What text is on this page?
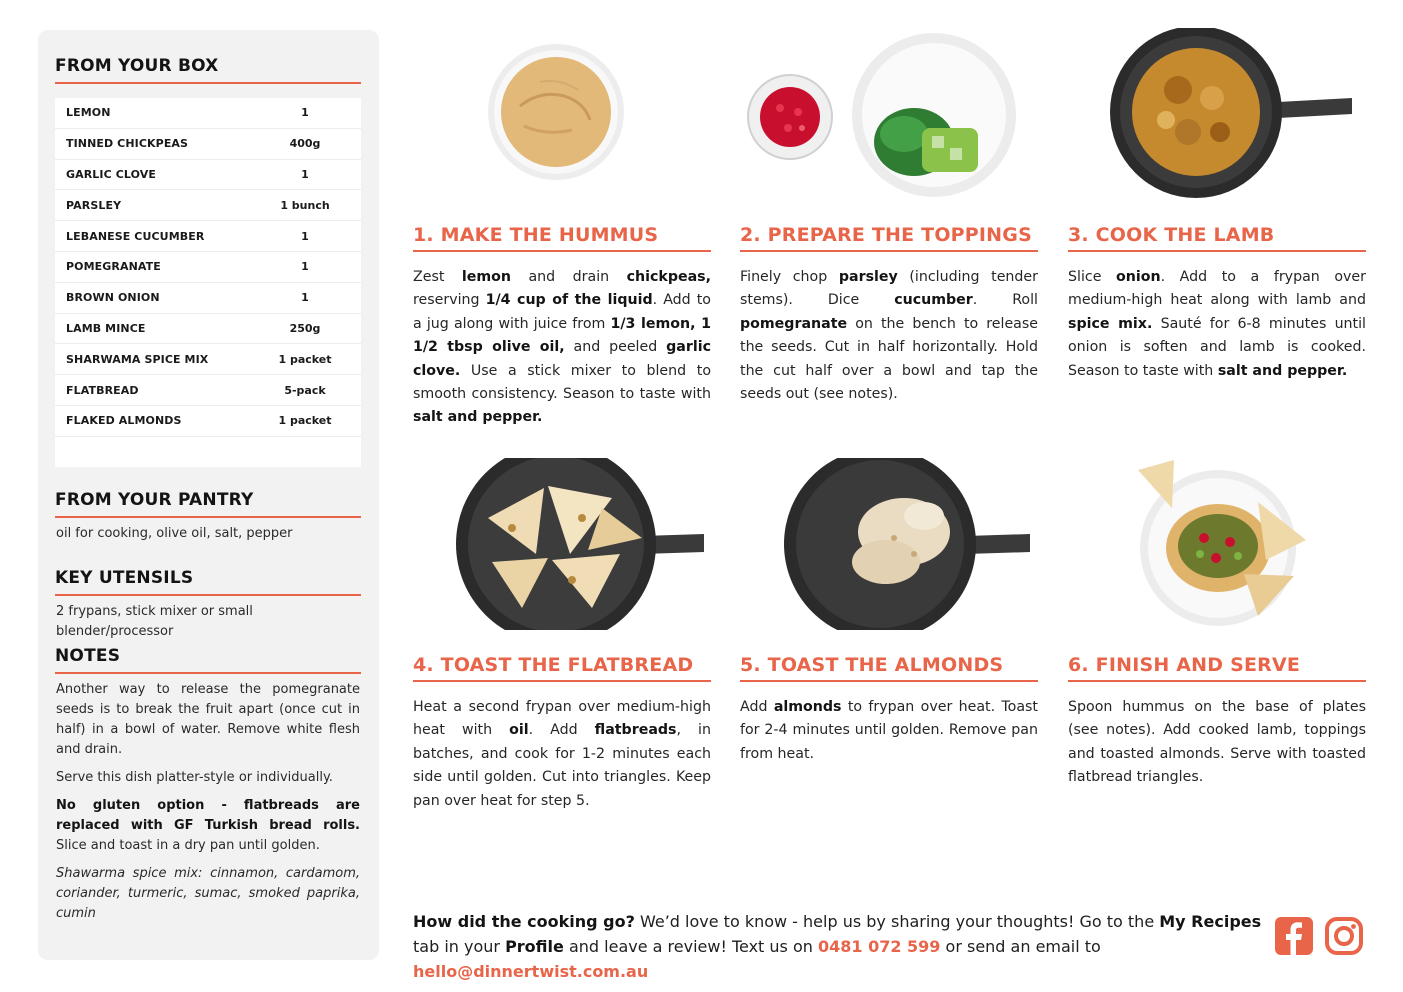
FROM YOUR BOX
LEMON	1
TINNED CHICKPEAS	400g
GARLIC CLOVE	1
PARSLEY	1 bunch
LEBANESE CUCUMBER	1
POMEGRANATE	1
BROWN ONION	1
LAMB MINCE	250g
SHARWAMA SPICE MIX	1 packet
FLATBREAD	5-pack
FLAKED ALMONDS	1 packet
FROM YOUR PANTRY
oil for cooking, olive oil, salt, pepper
KEY UTENSILS
2 frypans, stick mixer or small blender/processor
NOTES

Another way to release the pomegranate seeds is to break the fruit apart (once cut in half) in a bowl of water. Remove white flesh and drain.

Serve this dish platter-style or individually.

No gluten option - flatbreads are replaced with GF Turkish bread rolls. Slice and toast in a dry pan until golden.

Shawarma spice mix: cinnamon, cardamom, coriander, turmeric, sumac, smoked paprika, cumin

1. MAKE THE HUMMUS
Zest lemon and drain chickpeas, reserving 1/4 cup of the liquid. Add to a jug along with juice from 1/3 lemon, 1 1/2 tbsp olive oil, and peeled garlic clove. Use a stick mixer to blend to smooth consistency. Season to taste with salt and pepper.
2. PREPARE THE TOPPINGS
Finely chop parsley (including tender stems). Dice cucumber. Roll pomegranate on the bench to release the seeds. Cut in half horizontally. Hold the cut half over a bowl and tap the seeds out (see notes).
3. COOK THE LAMB
Slice onion. Add to a frypan over medium-high heat along with lamb and spice mix. Sauté for 6-8 minutes until onion is soften and lamb is cooked. Season to taste with salt and pepper.
4. TOAST THE FLATBREAD
Heat a second frypan over medium-high heat with oil. Add flatbreads, in batches, and cook for 1-2 minutes each side until golden. Cut into triangles. Keep pan over heat for step 5.
5. TOAST THE ALMONDS
Add almonds to frypan over heat. Toast for 2-4 minutes until golden. Remove pan from heat.
6. FINISH AND SERVE
Spoon hummus on the base of plates (see notes). Add cooked lamb, toppings and toasted almonds. Serve with toasted flatbread triangles.
How did the cooking go? We’d love to know - help us by sharing your thoughts! Go to the My Recipes tab in your Profile and leave a review! Text us on 0481 072 599 or send an email to hello@dinnertwist.com.au
